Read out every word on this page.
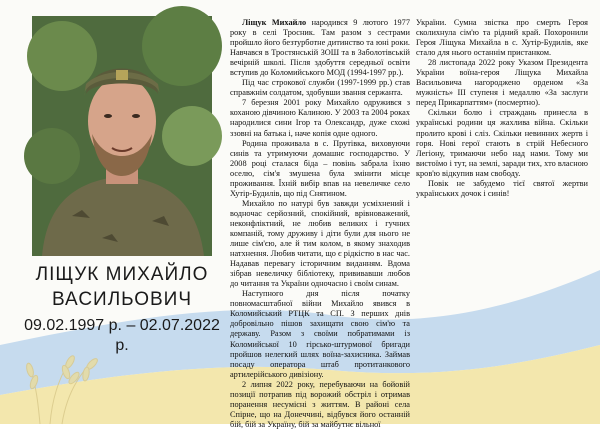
ЛІЩУК МИХАЙЛО
ВАСИЛЬОВИЧ
09.02.1997 р. – 02.07.2022 р.

Ліщук Михайло народився 9 лютого 1977 року в селі Тросник. Там разом з сестрами пройшло його безтурботне дитинство та юні роки. Навчався в Тростянській ЗОШ та в Заболотівській вечірній школі. Після здобуття середньої освіти вступив до Коломийського МОД (1994-1997 рр.).

Під час строкової служби (1997-1999 рр.) став справжнім солдатом, здобувши звання сержанта.

7 березня 2001 року Михайло одружився з коханою дівчиною Калиною. У 2003 та 2004 роках народилися сини Ігор та Олександр, дуже схожі ззовні на батька і, наче копія одне одного.

Родина проживала в с. Прутівка, виховуючи синів та утримуючи домашнє господарство. У 2008 році сталася біда – повінь забрала їхню оселю, сім'я змушена була змінити місце проживання. Їхній вибір впав на невеличке село Хутір-Будилів, що під Снятином.

Михайло по натурі був завжди усміхнений і водночас серйозний, спокійний, врівноважений, неконфліктний, не любив великих і гучних компаній, тому друживу і діти були для нього не лише сім'єю, але й тим колом, в якому знаходив натхнення. Любив читати, що є рідкістю в нас час. Надавав перевагу історичним виданням. Вдома зібрав невеличку бібліотеку, прививавши любов до читання та України одночасно і своїм синам.

Наступного дня після початку повномасштабної війни Михайло явився в Коломийський РТЦК та СП. З перших днів добровільно пішов захищати свою сім'ю та державу. Разом з своїми побратимами із Коломийської 10 гірсько-штурмової бригади пройшов нелегкий шлях воїна-захисника. Займав посаду оператора штаб протитанкового артилерійського дивізіону.

2 липня 2022 року, перебуваючи на бойовій позиції потрапив під ворожий обстріл і отримав поранення несумісні з життям. В районі села Спірне, що на Донеччині, відбувся його останній бій, бій за Україну, бій за майбутнє вільної

України. Сумна звістка про смерть Героя сколихнула сім'ю та рідний край. Похоронили Героя Ліщука Михайла в с. Хутір-Будилів, яке стало для нього останнім пристанком.

28 листопада 2022 року Указом Президента України воїна-героя Ліщука Михайла Васильовича нагороджено орденом «За мужність» III ступеня і медаллю «За заслуги перед Прикарпаттям» (посмертно).

Скільки болю і страждань принесла в українські родини ця жахлива війна. Скільки пролито крові і сліз. Скільки невинних жертв і горя. Нові герої стають в стрій Небесного Легіону, тримаючи небо над нами. Тому ми вистоїмо і тут, на землі, заради тих, хто власною кров'ю відкупив нам свободу.

Повік не забудемо тієї святої жертви українських дочок і синів!
